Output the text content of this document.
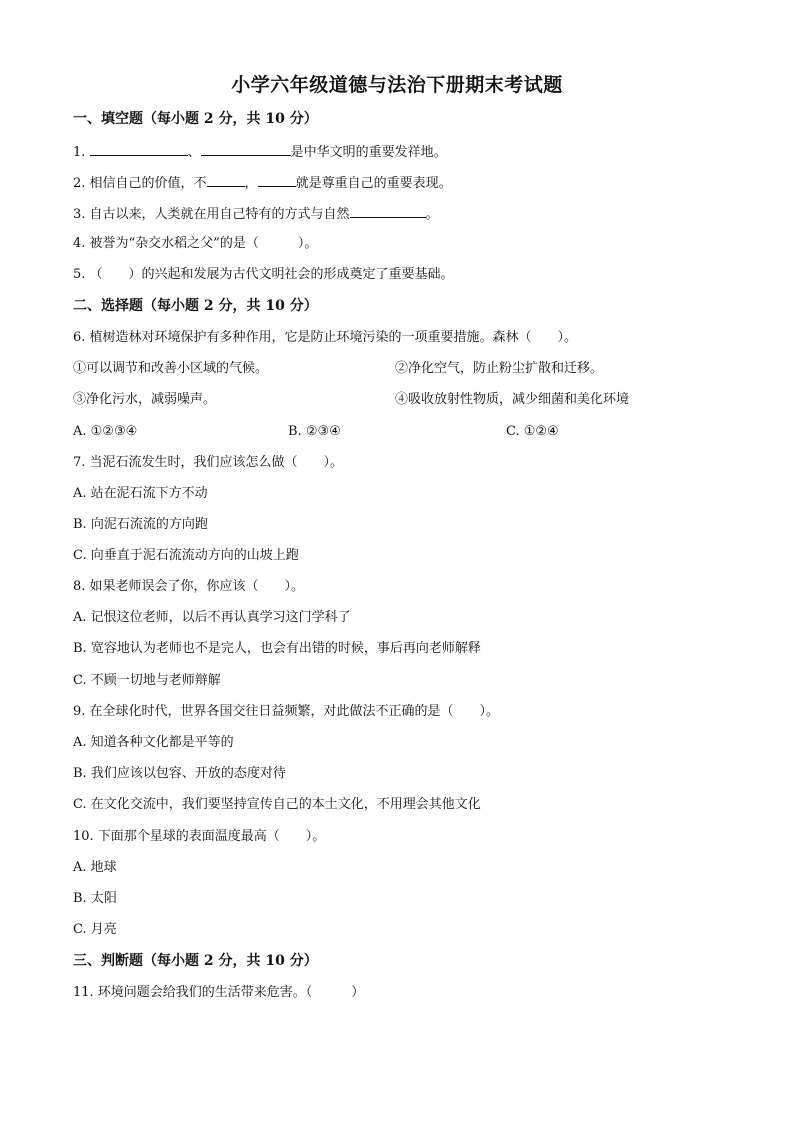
小学六年级道德与法治下册期末考试题
一、填空题（每小题 2 分，共 10 分）
1.	、	是中华文明的重要发祥地。
2. 相信自己的价值，不	，	就是尊重自己的重要表现。
3. 自古以来，人类就在用自己特有的方式与自然	。
4. 被誉为“杂交水稻之父”的是（　　　）。
5. （　　）的兴起和发展为古代文明社会的形成奠定了重要基础。
二、选择题（每小题 2 分，共 10 分）
6. 植树造林对环境保护有多种作用，它是防止环境污染的一项重要措施。森林（　　）。
①可以调节和改善小区域的气候。	②净化空气，防止粉尘扩散和迁移。
③净化污水，减弱噪声。	④吸收放射性物质，减少细菌和美化环境
A. ①②③④	B. ②③④	C. ①②④
7. 当泥石流发生时，我们应该怎么做（　　）。
A. 站在泥石流下方不动
B. 向泥石流流的方向跑
C. 向垂直于泥石流流动方向的山坡上跑
8. 如果老师误会了你，你应该（　　）。
A. 记恨这位老师，以后不再认真学习这门学科了
B. 宽容地认为老师也不是完人，也会有出错的时候，事后再向老师解释
C. 不顾一切地与老师辩解
9. 在全球化时代，世界各国交往日益频繁，对此做法不正确的是（　　）。
A. 知道各种文化都是平等的
B. 我们应该以包容、开放的态度对待
C. 在文化交流中，我们要坚持宣传自己的本土文化，不用理会其他文化
10. 下面那个星球的表面温度最高（　　）。
A. 地球
B. 太阳
C. 月亮
三、判断题（每小题 2 分，共 10 分）
11. 环境问题会给我们的生活带来危害。（　　　）
